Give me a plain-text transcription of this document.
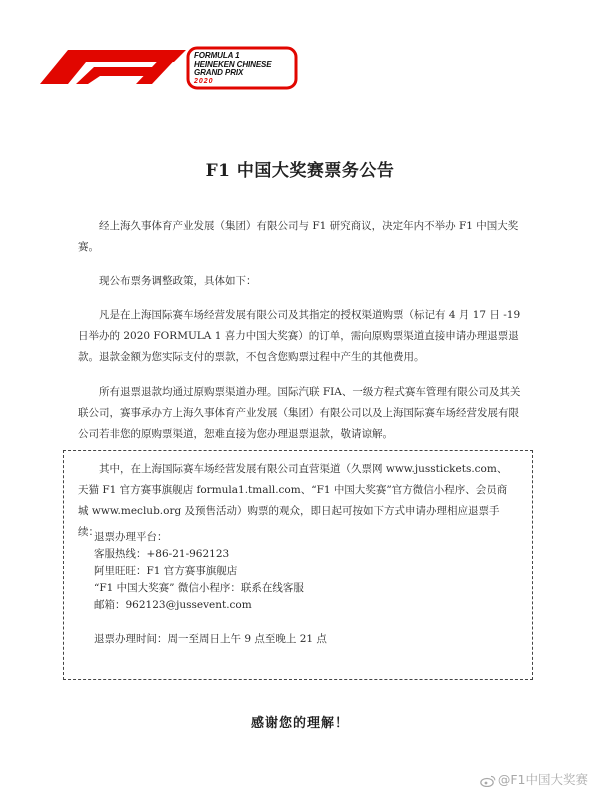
FORMULA 1
HEINEKEN CHINESE
GRAND PRIX
2020
F1 中国大奖赛票务公告

经上海久事体育产业发展（集团）有限公司与 F1 研究商议，决定年内不举办 F1 中国大奖赛。

现公布票务调整政策，具体如下：

凡是在上海国际赛车场经营发展有限公司及其指定的授权渠道购票（标记有 4 月 17 日 -19 日举办的 2020 FORMULA 1 喜力中国大奖赛）的订单，需向原购票渠道直接申请办理退票退款。退款金额为您实际支付的票款，不包含您购票过程中产生的其他费用。

所有退票退款均通过原购票渠道办理。国际汽联 FIA、一级方程式赛车管理有限公司及其关联公司，赛事承办方上海久事体育产业发展（集团）有限公司以及上海国际赛车场经营发展有限公司若非您的原购票渠道，恕难直接为您办理退票退款，敬请谅解。

其中，在上海国际赛车场经营发展有限公司直营渠道（久票网 www.jusstickets.com、天猫 F1 官方赛事旗舰店 formula1.tmall.com、“F1 中国大奖赛”官方微信小程序、会员商城 www.meclub.org 及预售活动）购票的观众，即日起可按如下方式申请办理相应退票手续：

退票办理平台：

客服热线：+86-21-962123

阿里旺旺：F1 官方赛事旗舰店

“F1 中国大奖赛” 微信小程序：联系在线客服

邮箱：962123@jussevent.com

退票办理时间：周一至周日上午 9 点至晚上 21 点

感谢您的理解！
@F1中国大奖赛
